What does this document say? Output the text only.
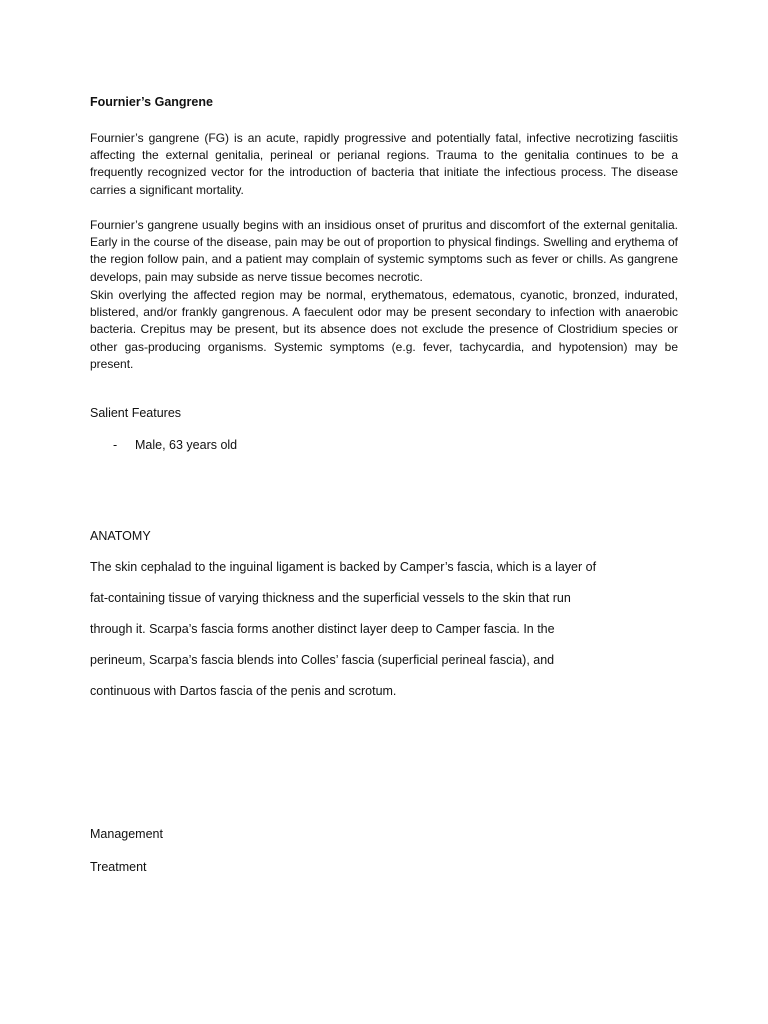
Fournier’s Gangrene

Fournier’s gangrene (FG) is an acute, rapidly progressive and potentially fatal, infective necrotizing fasciitis affecting the external genitalia, perineal or perianal regions. Trauma to the genitalia continues to be a frequently recognized vector for the introduction of bacteria that initiate the infectious process. The disease carries a significant mortality.

Fournier’s gangrene usually begins with an insidious onset of pruritus and discomfort of the external genitalia. Early in the course of the disease, pain may be out of proportion to physical findings. Swelling and erythema of the region follow pain, and a patient may complain of systemic symptoms such as fever or chills. As gangrene develops, pain may subside as nerve tissue becomes necrotic.

Skin overlying the affected region may be normal, erythematous, edematous, cyanotic, bronzed, indurated, blistered, and/or frankly gangrenous. A faeculent odor may be present secondary to infection with anaerobic bacteria. Crepitus may be present, but its absence does not exclude the presence of Clostridium species or other gas-producing organisms. Systemic symptoms (e.g. fever, tachycardia, and hypotension) may be present.

Salient Features

- Male, 63 years old

ANATOMY

The skin cephalad to the inguinal ligament is backed by Camper’s fascia, which is a layer of
fat-containing tissue of varying thickness and the superficial vessels to the skin that run
through it. Scarpa’s fascia forms another distinct layer deep to Camper fascia. In the
perineum, Scarpa’s fascia blends into Colles’ fascia (superficial perineal fascia), and
continuous with Dartos fascia of the penis and scrotum.

Management

Treatment
